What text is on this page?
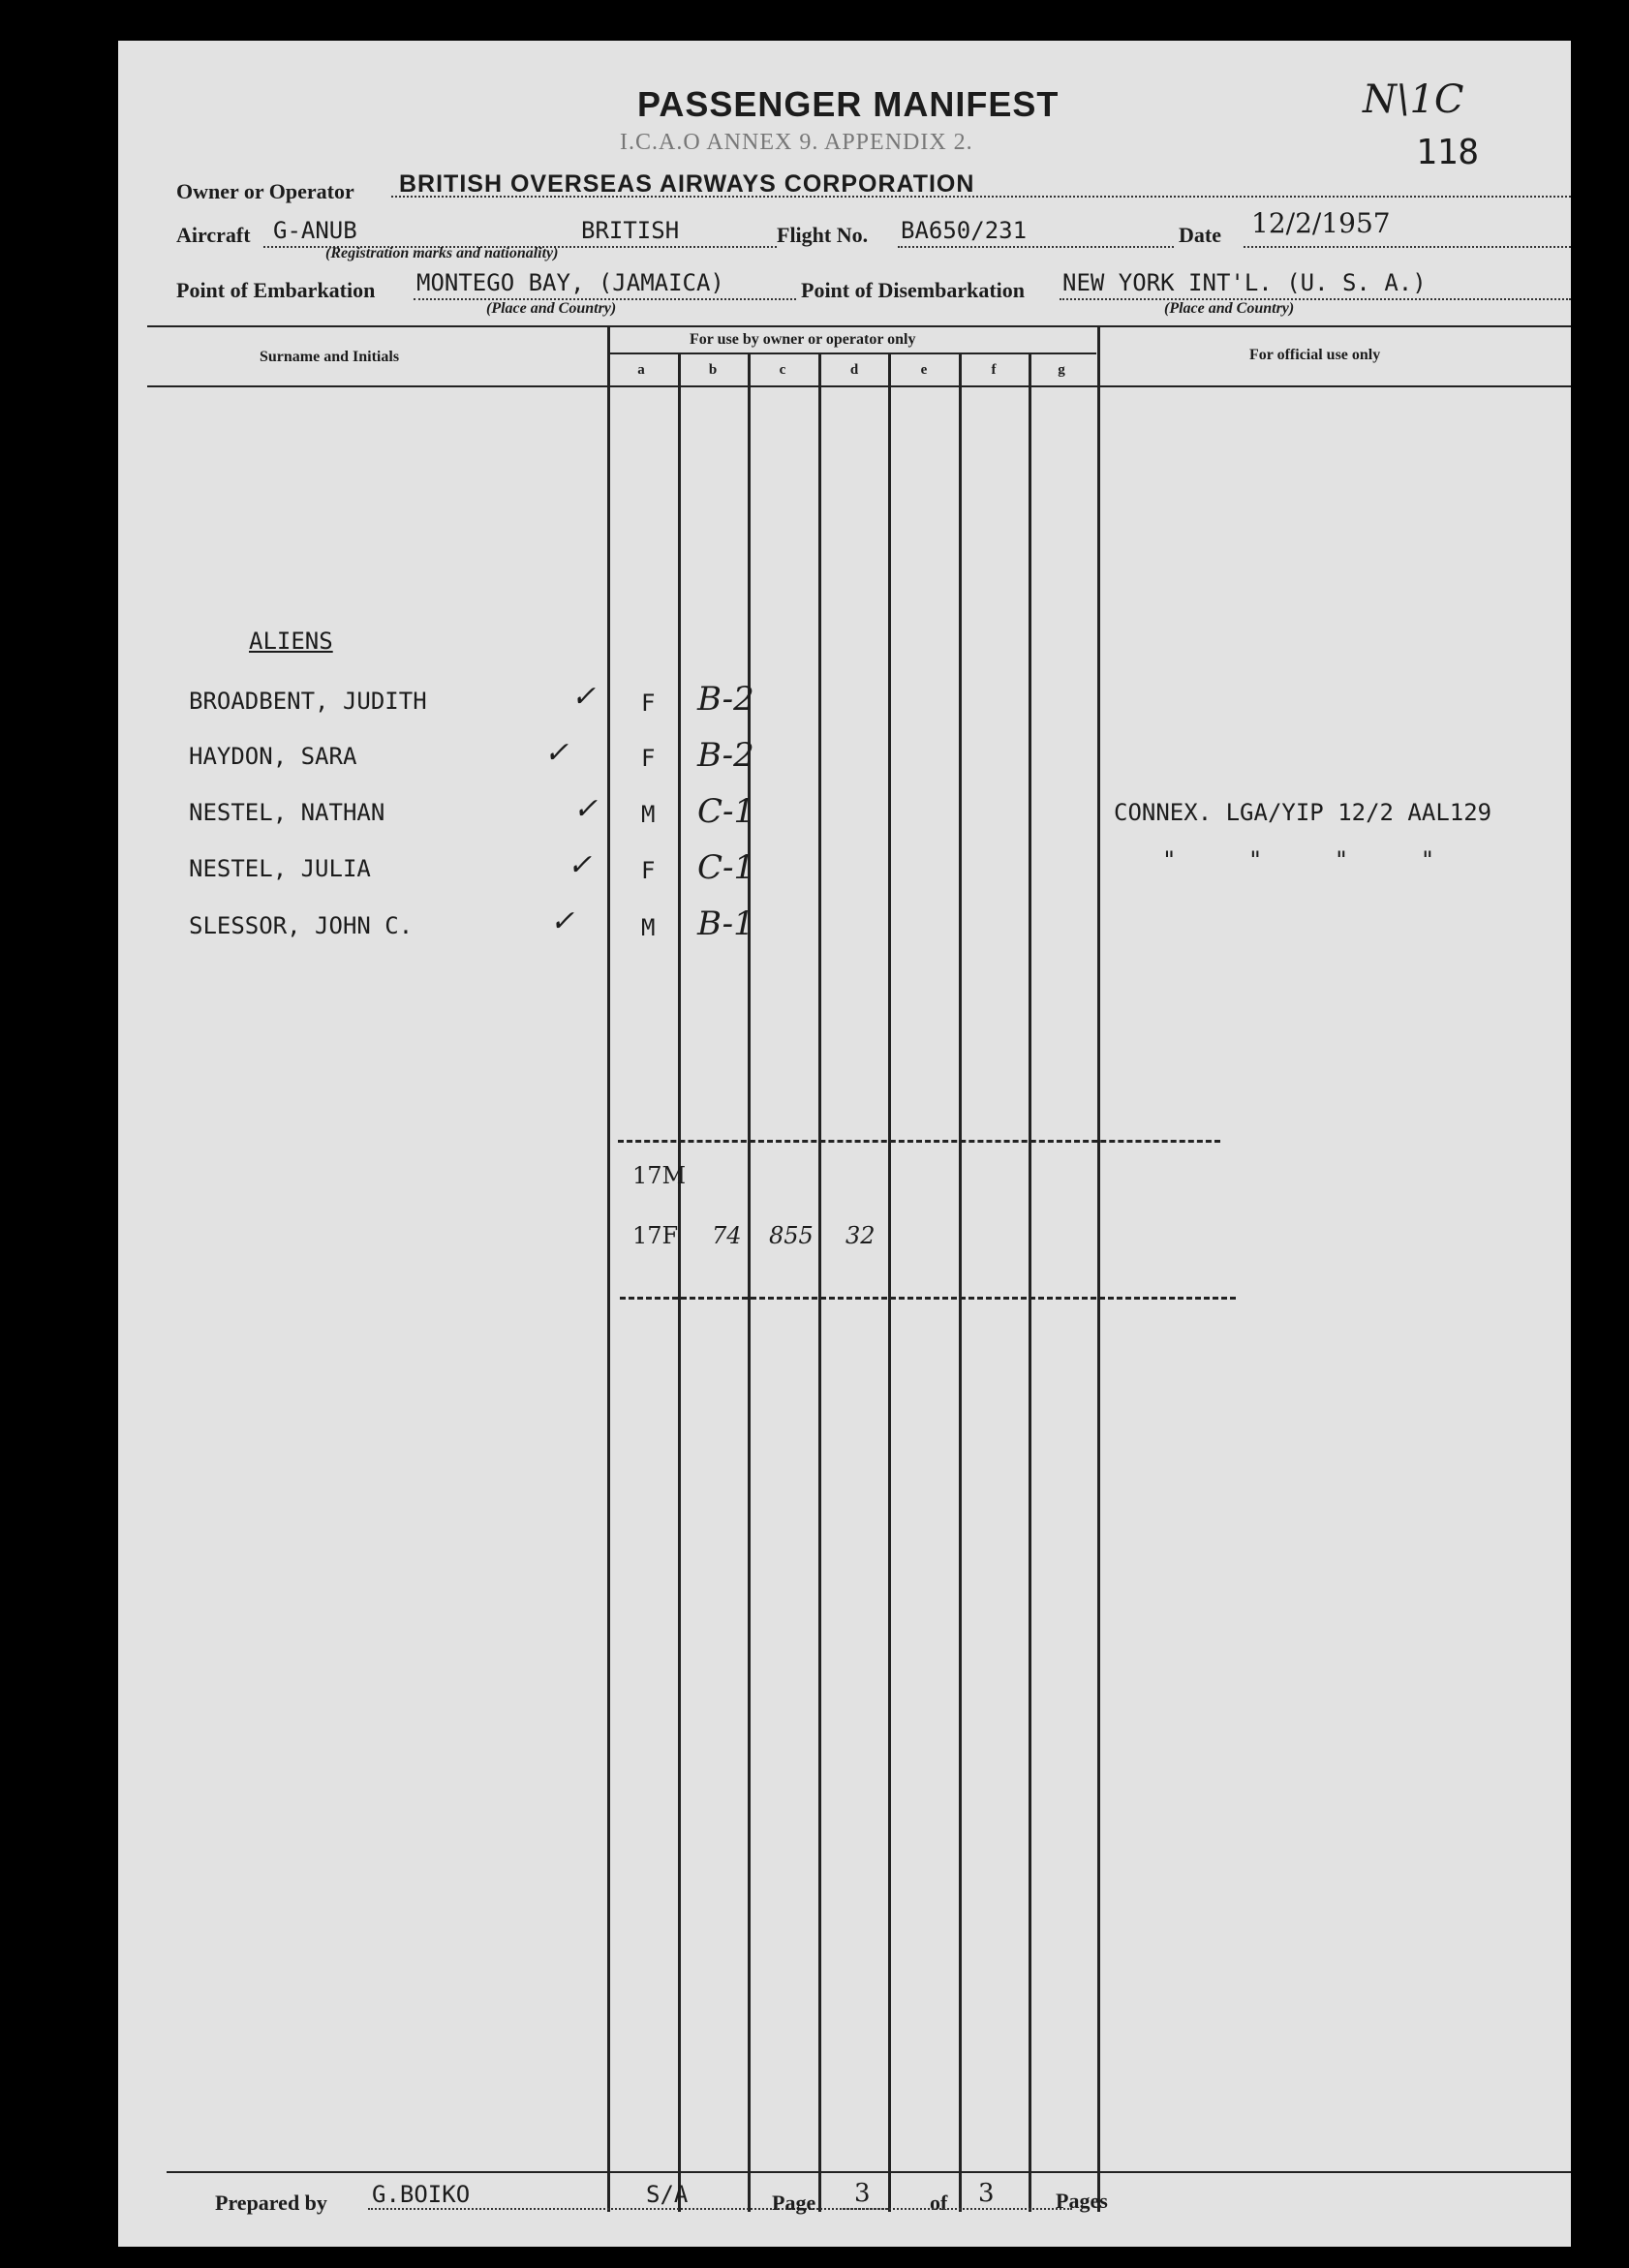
PASSENGER MANIFEST
I.C.A.O ANNEX 9. APPENDIX 2.
N\1C
118
Owner or Operator BRITISH OVERSEAS AIRWAYS CORPORATION
Aircraft G-ANUB	BRITISH
(Registration marks and nationality)
Flight No. BA650/231	Date 12/2/1957
Point of Embarkation MONTEGO BAY, (JAMAICA)
(Place and Country)
Point of Disembarkation NEW YORK INT'L. (U. S. A.)
(Place and Country)
Surname and Initials
For use by owner or operator only
For official use only
a	b	c	d	e	f	g
ALIENS
BROADBENT, JUDITH	✓ F B-2
HAYDON, SARA	✓	F B-2
NESTEL, NATHAN	✓ M C-1	CONNEX. LGA/YIP 12/2 AAL129
NESTEL, JULIA	✓ F C-1	" " " "
SLESSOR, JOHN C.	✓	M B-1
17M
17F 74 855 32
Prepared by G.BOIKO	S/A	Page 3	of 3	Pages
